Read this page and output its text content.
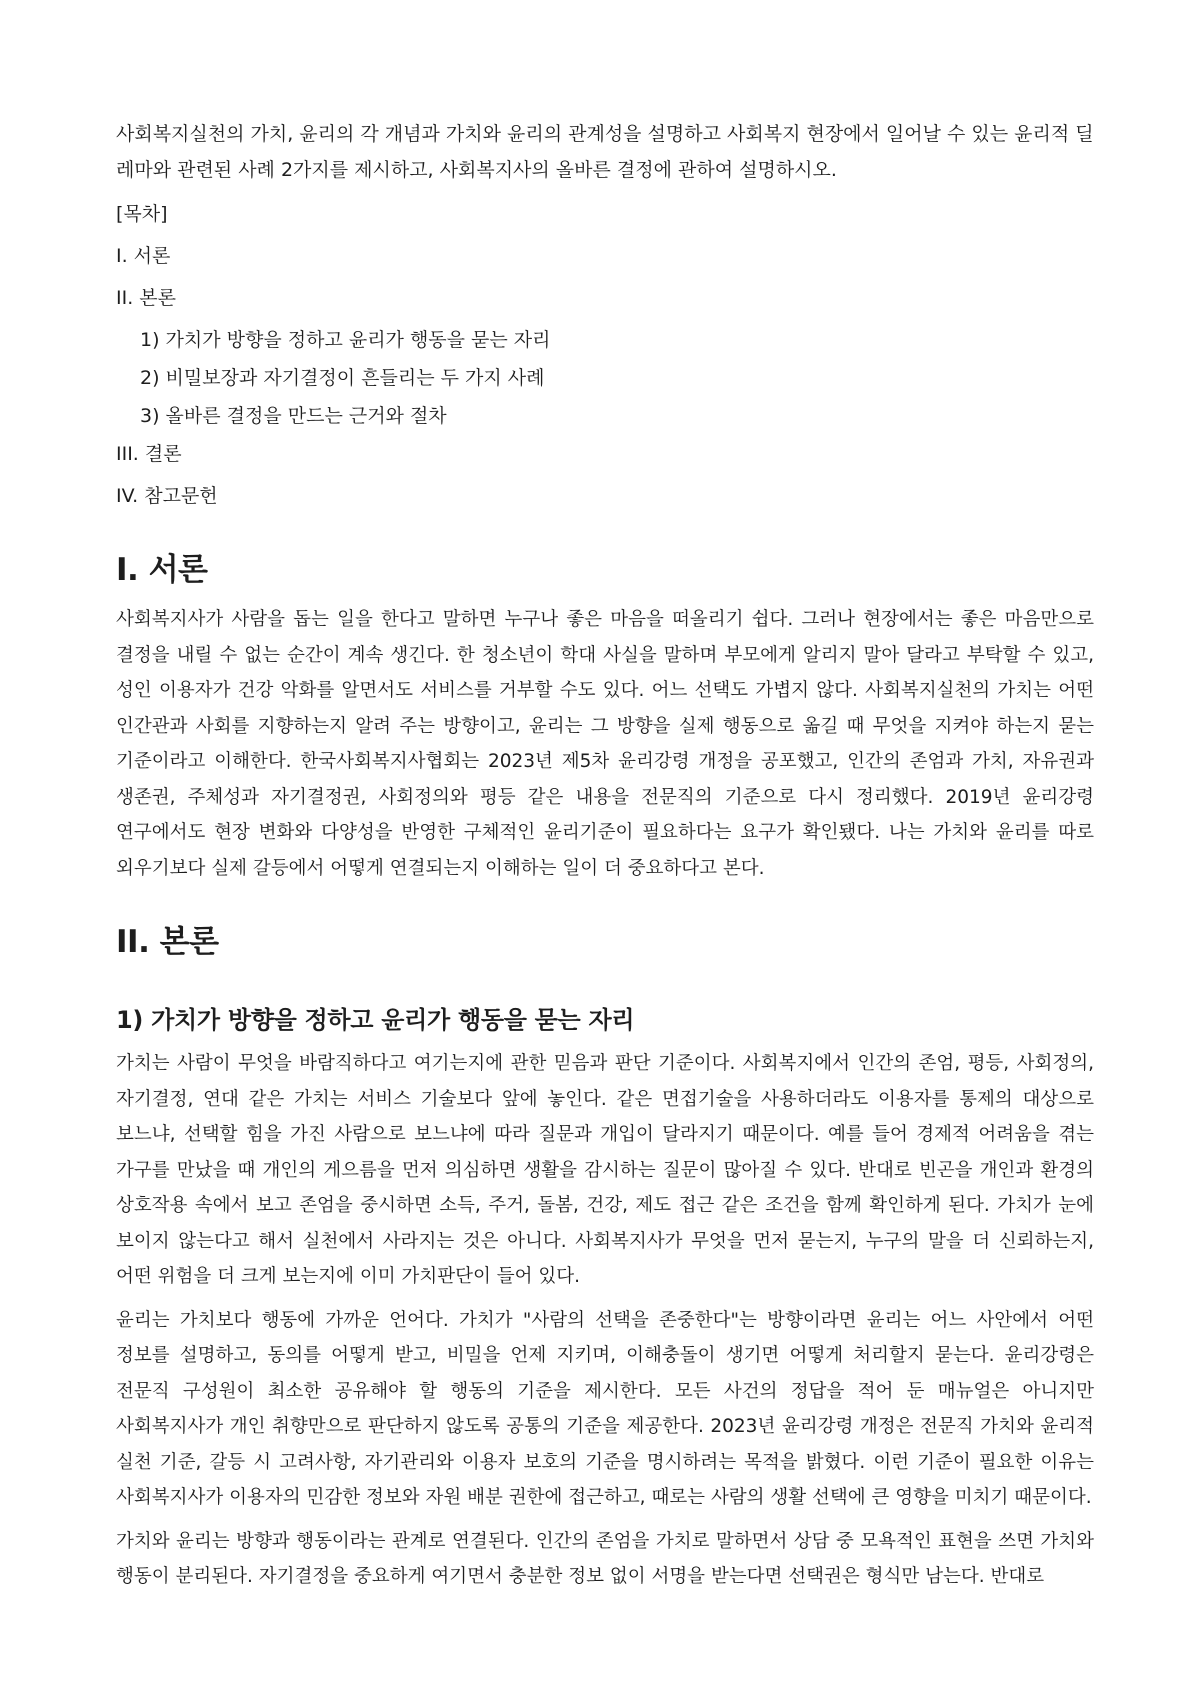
사회복지실천의 가치, 윤리의 각 개념과 가치와 윤리의 관계성을 설명하고 사회복지 현장에서 일어날 수 있는 윤리적 딜레마와 관련된 사례 2가지를 제시하고, 사회복지사의 올바른 결정에 관하여 설명하시오.

[목차]
I. 서론
II. 본론
1) 가치가 방향을 정하고 윤리가 행동을 묻는 자리
2) 비밀보장과 자기결정이 흔들리는 두 가지 사례
3) 올바른 결정을 만드는 근거와 절차
III. 결론
IV. 참고문헌
I. 서론

사회복지사가 사람을 돕는 일을 한다고 말하면 누구나 좋은 마음을 떠올리기 쉽다. 그러나 현장에서는 좋은 마음만으로 결정을 내릴 수 없는 순간이 계속 생긴다. 한 청소년이 학대 사실을 말하며 부모에게 알리지 말아 달라고 부탁할 수 있고, 성인 이용자가 건강 악화를 알면서도 서비스를 거부할 수도 있다. 어느 선택도 가볍지 않다. 사회복지실천의 가치는 어떤 인간관과 사회를 지향하는지 알려 주는 방향이고, 윤리는 그 방향을 실제 행동으로 옮길 때 무엇을 지켜야 하는지 묻는 기준이라고 이해한다. 한국사회복지사협회는 2023년 제5차 윤리강령 개정을 공포했고, 인간의 존엄과 가치, 자유권과 생존권, 주체성과 자기결정권, 사회정의와 평등 같은 내용을 전문직의 기준으로 다시 정리했다. 2019년 윤리강령 연구에서도 현장 변화와 다양성을 반영한 구체적인 윤리기준이 필요하다는 요구가 확인됐다. 나는 가치와 윤리를 따로 외우기보다 실제 갈등에서 어떻게 연결되는지 이해하는 일이 더 중요하다고 본다.

II. 본론
1) 가치가 방향을 정하고 윤리가 행동을 묻는 자리

가치는 사람이 무엇을 바람직하다고 여기는지에 관한 믿음과 판단 기준이다. 사회복지에서 인간의 존엄, 평등, 사회정의, 자기결정, 연대 같은 가치는 서비스 기술보다 앞에 놓인다. 같은 면접기술을 사용하더라도 이용자를 통제의 대상으로 보느냐, 선택할 힘을 가진 사람으로 보느냐에 따라 질문과 개입이 달라지기 때문이다. 예를 들어 경제적 어려움을 겪는 가구를 만났을 때 개인의 게으름을 먼저 의심하면 생활을 감시하는 질문이 많아질 수 있다. 반대로 빈곤을 개인과 환경의 상호작용 속에서 보고 존엄을 중시하면 소득, 주거, 돌봄, 건강, 제도 접근 같은 조건을 함께 확인하게 된다. 가치가 눈에 보이지 않는다고 해서 실천에서 사라지는 것은 아니다. 사회복지사가 무엇을 먼저 묻는지, 누구의 말을 더 신뢰하는지, 어떤 위험을 더 크게 보는지에 이미 가치판단이 들어 있다.

윤리는 가치보다 행동에 가까운 언어다. 가치가 "사람의 선택을 존중한다"는 방향이라면 윤리는 어느 사안에서 어떤 정보를 설명하고, 동의를 어떻게 받고, 비밀을 언제 지키며, 이해충돌이 생기면 어떻게 처리할지 묻는다. 윤리강령은 전문직 구성원이 최소한 공유해야 할 행동의 기준을 제시한다. 모든 사건의 정답을 적어 둔 매뉴얼은 아니지만 사회복지사가 개인 취향만으로 판단하지 않도록 공통의 기준을 제공한다. 2023년 윤리강령 개정은 전문직 가치와 윤리적 실천 기준, 갈등 시 고려사항, 자기관리와 이용자 보호의 기준을 명시하려는 목적을 밝혔다. 이런 기준이 필요한 이유는 사회복지사가 이용자의 민감한 정보와 자원 배분 권한에 접근하고, 때로는 사람의 생활 선택에 큰 영향을 미치기 때문이다.

가치와 윤리는 방향과 행동이라는 관계로 연결된다. 인간의 존엄을 가치로 말하면서 상담 중 모욕적인 표현을 쓰면 가치와 행동이 분리된다. 자기결정을 중요하게 여기면서 충분한 정보 없이 서명을 받는다면 선택권은 형식만 남는다. 반대로
